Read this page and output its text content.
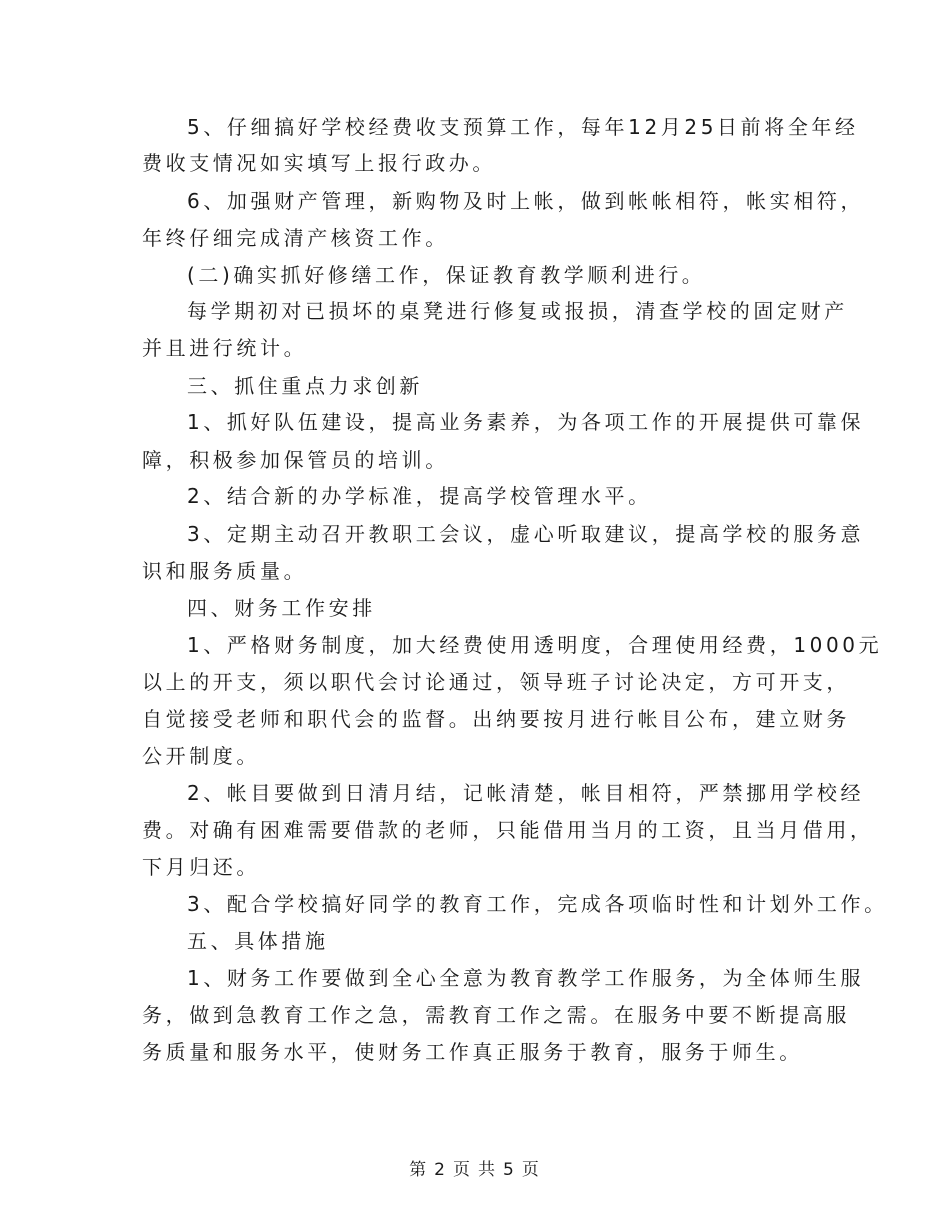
5、仔细搞好学校经费收支预算工作，每年12月25日前将全年经
费收支情况如实填写上报行政办。
6、加强财产管理，新购物及时上帐，做到帐帐相符，帐实相符，
年终仔细完成清产核资工作。
(二)确实抓好修缮工作，保证教育教学顺利进行。
每学期初对已损坏的桌凳进行修复或报损，清查学校的固定财产
并且进行统计。
三、抓住重点力求创新
1、抓好队伍建设，提高业务素养，为各项工作的开展提供可靠保
障，积极参加保管员的培训。
2、结合新的办学标准，提高学校管理水平。
3、定期主动召开教职工会议，虚心听取建议，提高学校的服务意
识和服务质量。
四、财务工作安排
1、严格财务制度，加大经费使用透明度，合理使用经费，1000元
以上的开支，须以职代会讨论通过，领导班子讨论决定，方可开支，
自觉接受老师和职代会的监督。出纳要按月进行帐目公布，建立财务
公开制度。
2、帐目要做到日清月结，记帐清楚，帐目相符，严禁挪用学校经
费。对确有困难需要借款的老师，只能借用当月的工资，且当月借用，
下月归还。
3、配合学校搞好同学的教育工作，完成各项临时性和计划外工作。
五、具体措施
1、财务工作要做到全心全意为教育教学工作服务，为全体师生服
务，做到急教育工作之急，需教育工作之需。在服务中要不断提高服
务质量和服务水平，使财务工作真正服务于教育，服务于师生。
第 2 页 共 5 页
